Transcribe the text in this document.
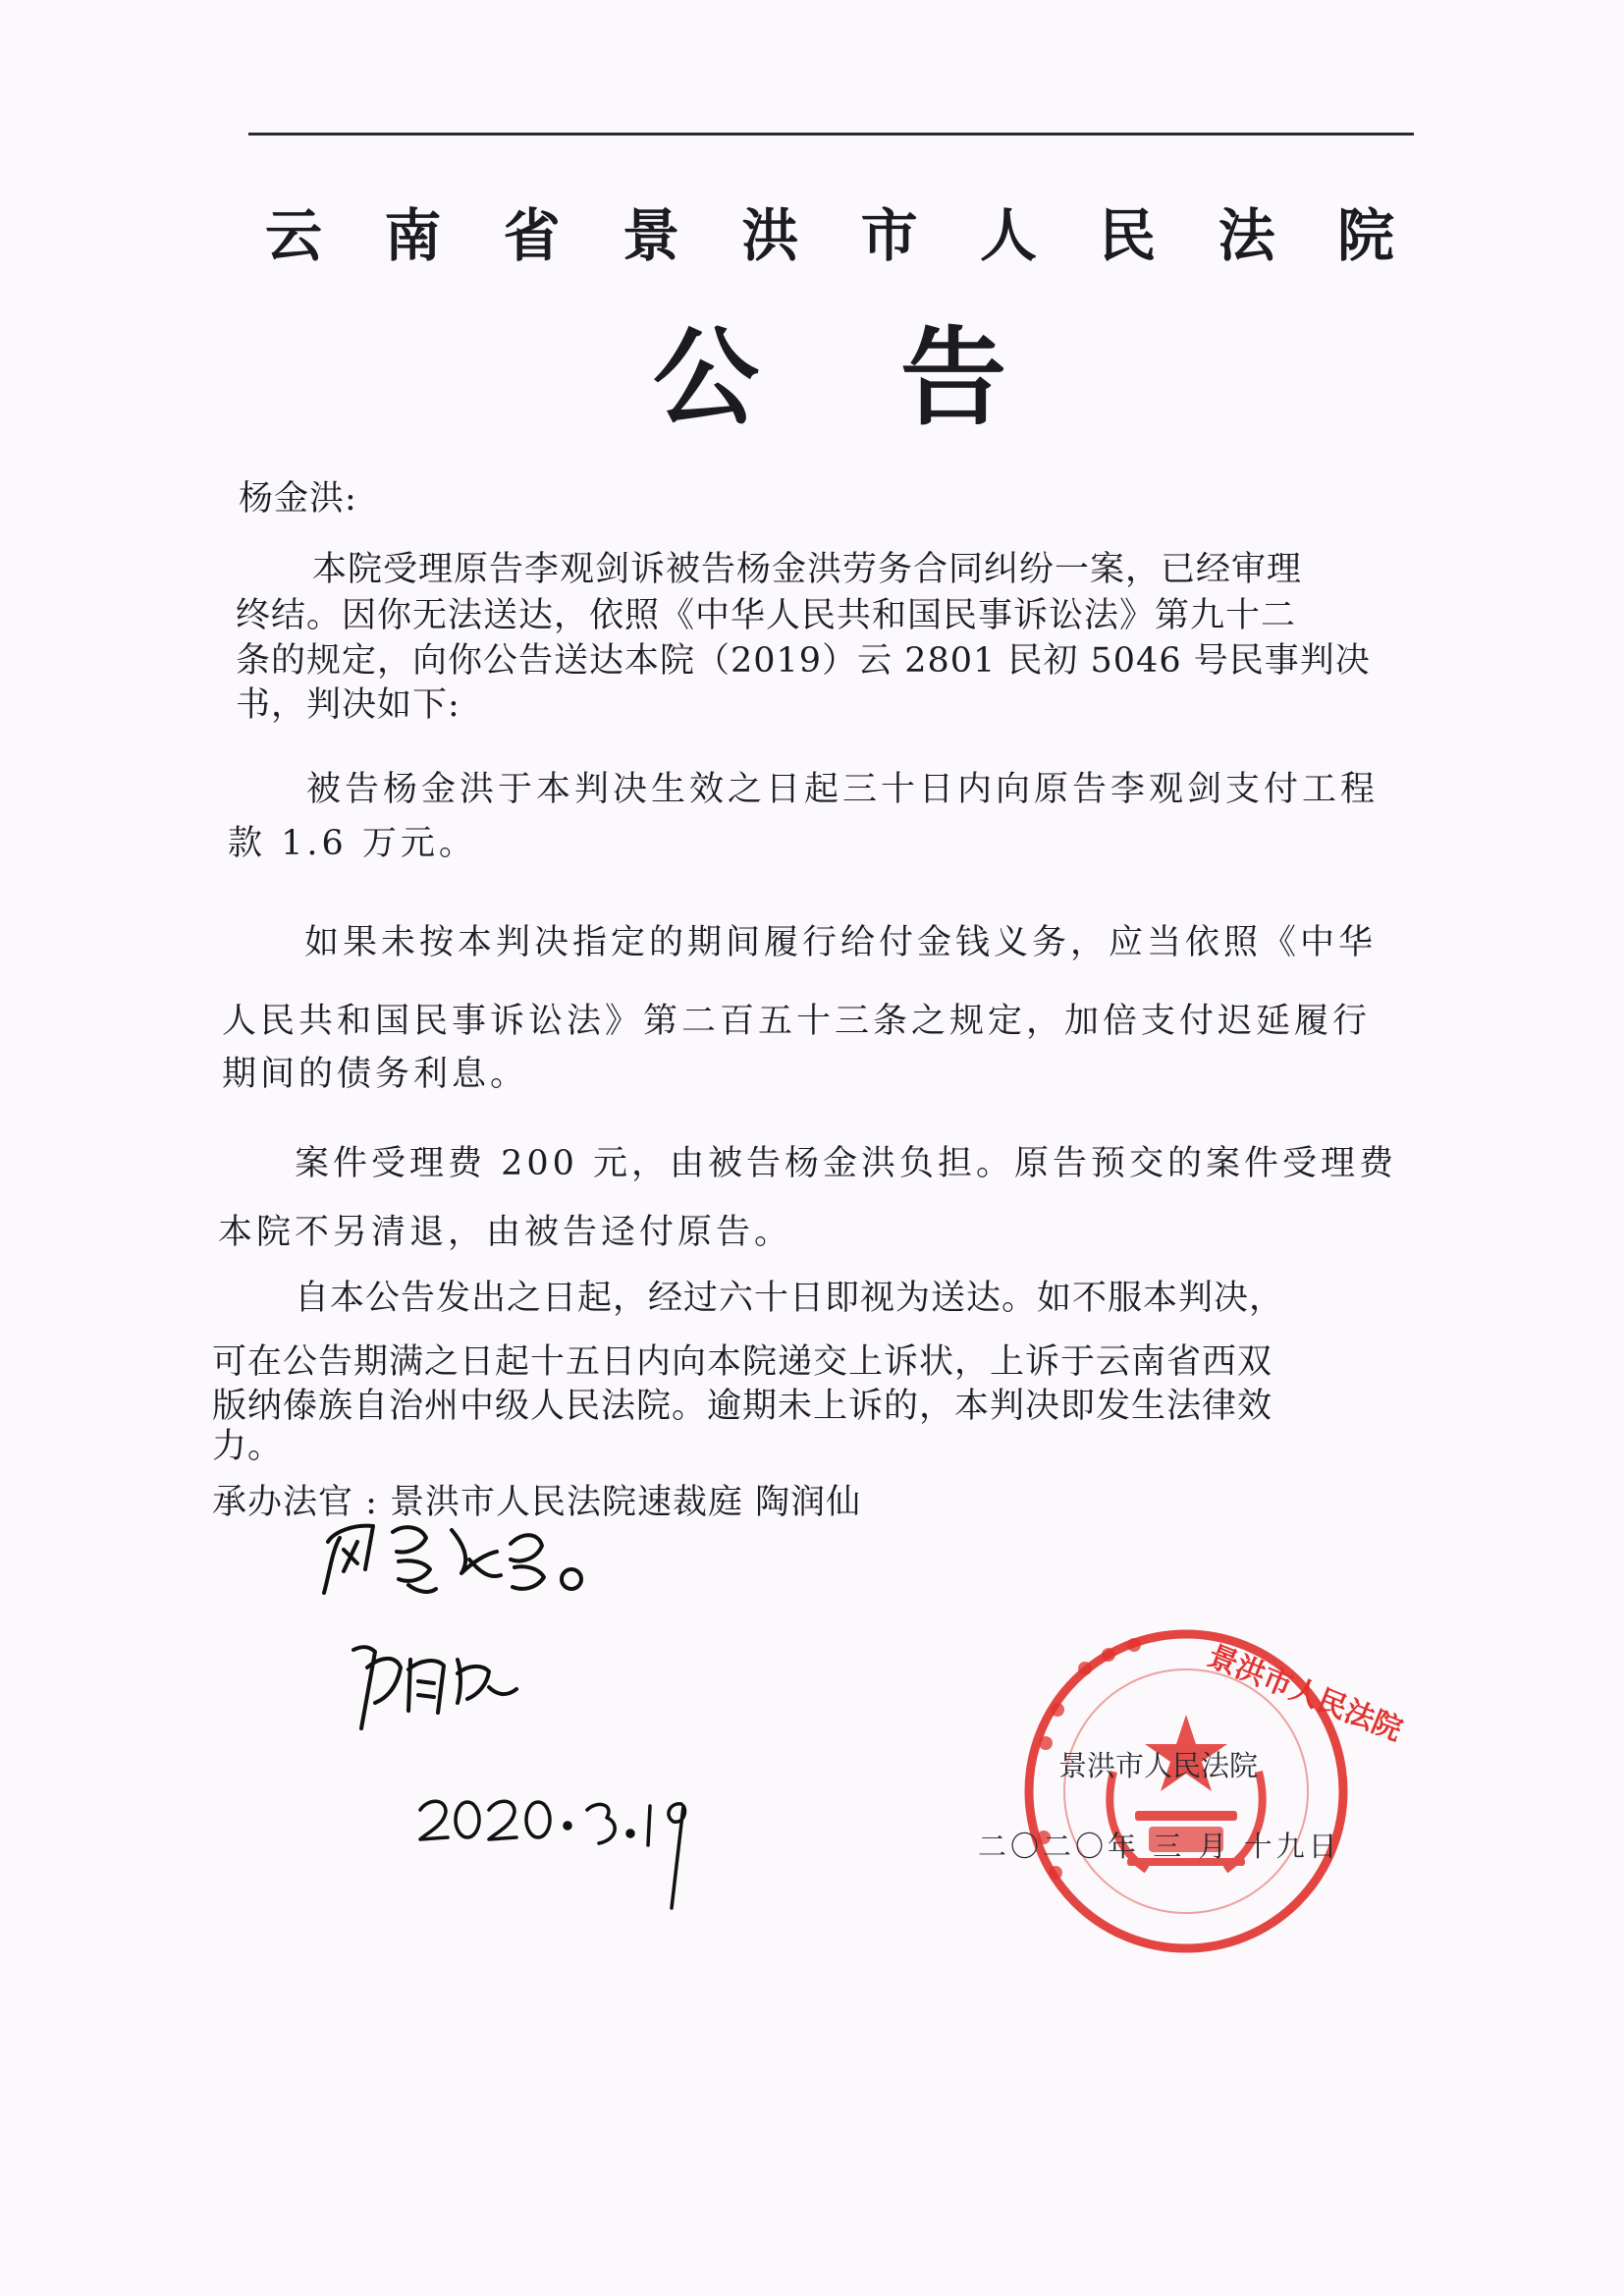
云 南 省 景 洪 市 人 民 法 院
公 告
杨金洪:
本院受理原告李观剑诉被告杨金洪劳务合同纠纷一案，已经审理
终结。因你无法送达，依照《中华人民共和国民事诉讼法》第九十二
条的规定，向你公告送达本院（2019）云 2801 民初 5046 号民事判决
书，判决如下:
被告杨金洪于本判决生效之日起三十日内向原告李观剑支付工程
款 1.6 万元。
如果未按本判决指定的期间履行给付金钱义务，应当依照《中华
人民共和国民事诉讼法》第二百五十三条之规定，加倍支付迟延履行
期间的债务利息。
案件受理费 200 元，由被告杨金洪负担。原告预交的案件受理费
本院不另清退，由被告迳付原告。
自本公告发出之日起，经过六十日即视为送达。如不服本判决，
可在公告期满之日起十五日内向本院递交上诉状，上诉于云南省西双
版纳傣族自治州中级人民法院。逾期未上诉的，本判决即发生法律效
力。
承办法官 : 景洪市人民法院速裁庭 陶润仙
景洪市人民法院
景洪市人民法院
二〇二〇年 三 月 十九日
